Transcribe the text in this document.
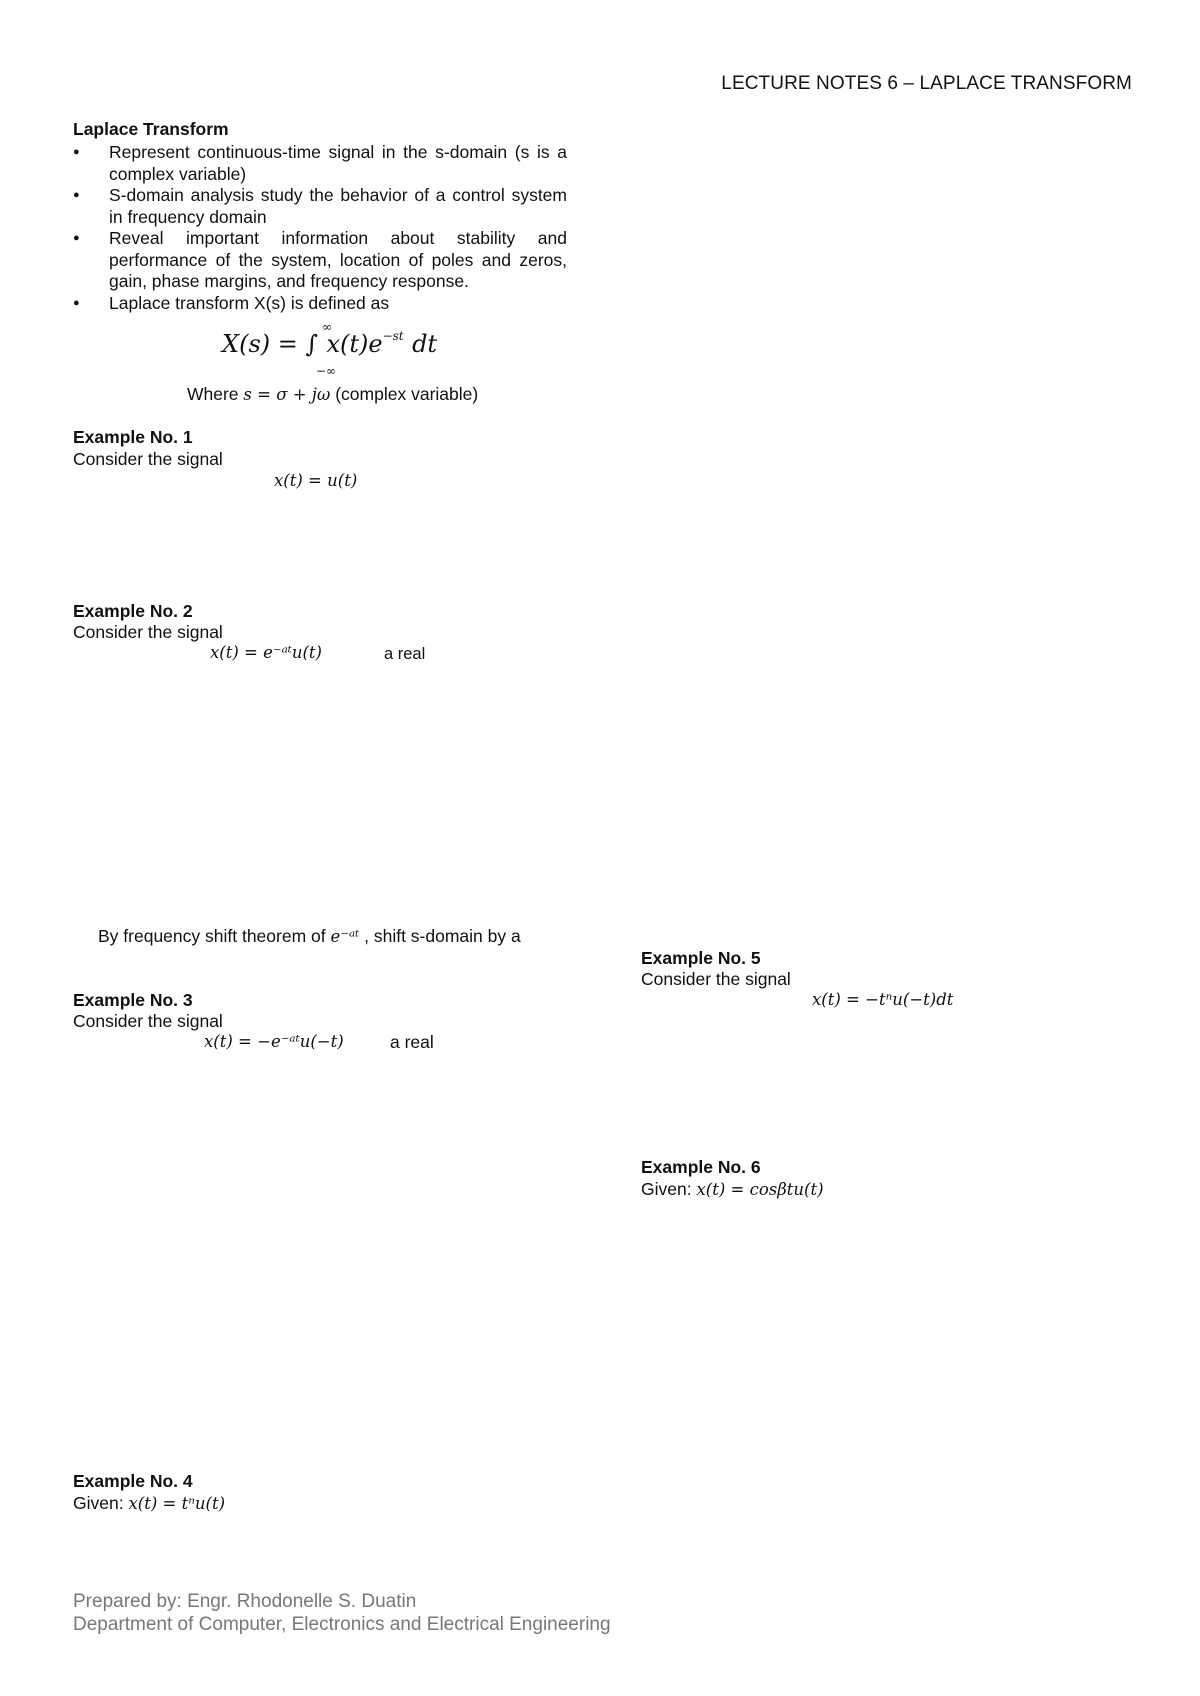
LECTURE NOTES 6 – LAPLACE TRANSFORM
Laplace Transform
● Represent continuous-time signal in the s-domain (s is a complex variable)
● S-domain analysis study the behavior of a control system in frequency domain
● Reveal important information about stability and performance of the system, location of poles and zeros, gain, phase margins, and frequency response.
● Laplace transform X(s) is defined as
X(s) = ∫ $x(t)e^{-st}$ dt
∞
−∞
Where s = σ + jω (complex variable)
Example No. 1
Consider the signal
x(t) = u(t)
Example No. 2
Consider the signal
x(t) = e⁻ᵃᵗu(t)	a real
By frequency shift theorem of e⁻ᵃᵗ , shift s-domain by a
Example No. 3
Consider the signal
x(t) = −e⁻ᵃᵗu(−t)	a real
Example No. 4
Given: x(t) = tⁿu(t)
Example No. 5
Consider the signal
x(t) = −tⁿu(−t)dt
Example No. 6
Given: x(t) = cosβtu(t)
Prepared by: Engr. Rhodonelle S. Duatin
Department of Computer, Electronics and Electrical Engineering
